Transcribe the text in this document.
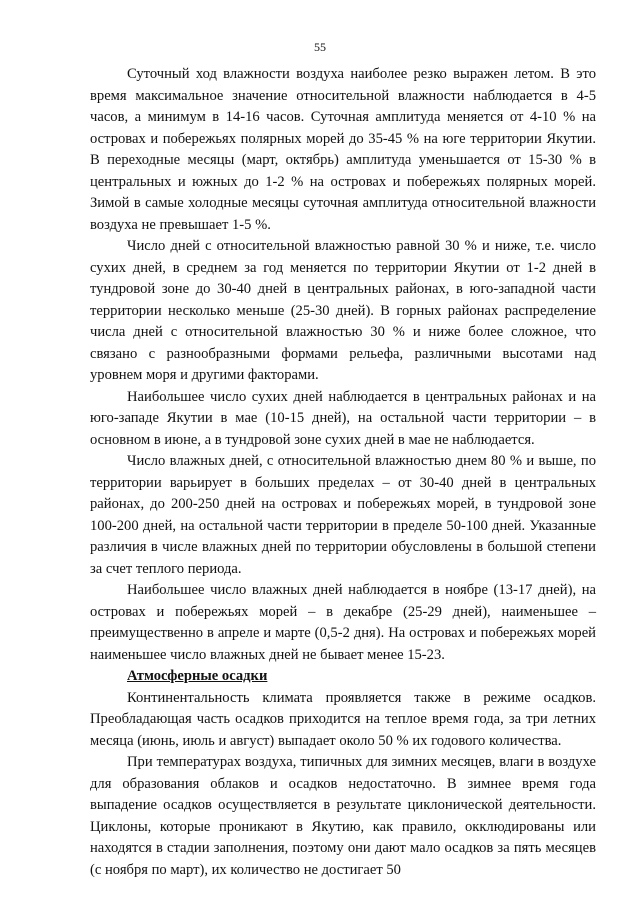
55

Суточный ход влажности воздуха наиболее резко выражен летом. В это время максимальное значение относительной влажности наблюдается в 4-5 часов, а минимум в 14-16 часов. Суточная амплитуда меняется от 4-10 % на островах и побережьях полярных морей до 35-45 % на юге территории Якутии. В переходные месяцы (март, октябрь) амплитуда уменьшается от 15-30 % в центральных и южных до 1-2 % на островах и побережьях полярных морей. Зимой в самые холодные месяцы суточная амплитуда относительной влажности воздуха не превышает 1-5 %.

Число дней с относительной влажностью равной 30 % и ниже, т.е. число сухих дней, в среднем за год меняется по территории Якутии от 1-2 дней в тундровой зоне до 30-40 дней в центральных районах, в юго-западной части территории несколько меньше (25-30 дней). В горных районах распределение числа дней с относительной влажностью 30 % и ниже более сложное, что связано с разнообразными формами рельефа, различными высотами над уровнем моря и другими факторами.

Наибольшее число сухих дней наблюдается в центральных районах и на юго-западе Якутии в мае (10-15 дней), на остальной части территории – в основном в июне, а в тундровой зоне сухих дней в мае не наблюдается.

Число влажных дней, с относительной влажностью днем 80 % и выше, по территории варьирует в больших пределах – от 30-40 дней в центральных районах, до 200-250 дней на островах и побережьях морей, в тундровой зоне 100-200 дней, на остальной части территории в пределе 50-100 дней. Указанные различия в числе влажных дней по территории обусловлены в большой степени за счет теплого периода.

Наибольшее число влажных дней наблюдается в ноябре (13-17 дней), на островах и побережьях морей – в декабре (25-29 дней), наименьшее – преимущественно в апреле и марте (0,5-2 дня). На островах и побережьях морей наименьшее число влажных дней не бывает менее 15-23.

Атмосферные осадки

Континентальность климата проявляется также в режиме осадков. Преобладающая часть осадков приходится на теплое время года, за три летних месяца (июнь, июль и август) выпадает около 50 % их годового количества.

При температурах воздуха, типичных для зимних месяцев, влаги в воздухе для образования облаков и осадков недостаточно. В зимнее время года выпадение осадков осуществляется в результате циклонической деятельности. Циклоны, которые проникают в Якутию, как правило, окклюдированы или находятся в стадии заполнения, поэтому они дают мало осадков за пять месяцев (с ноября по март), их количество не достигает 50
